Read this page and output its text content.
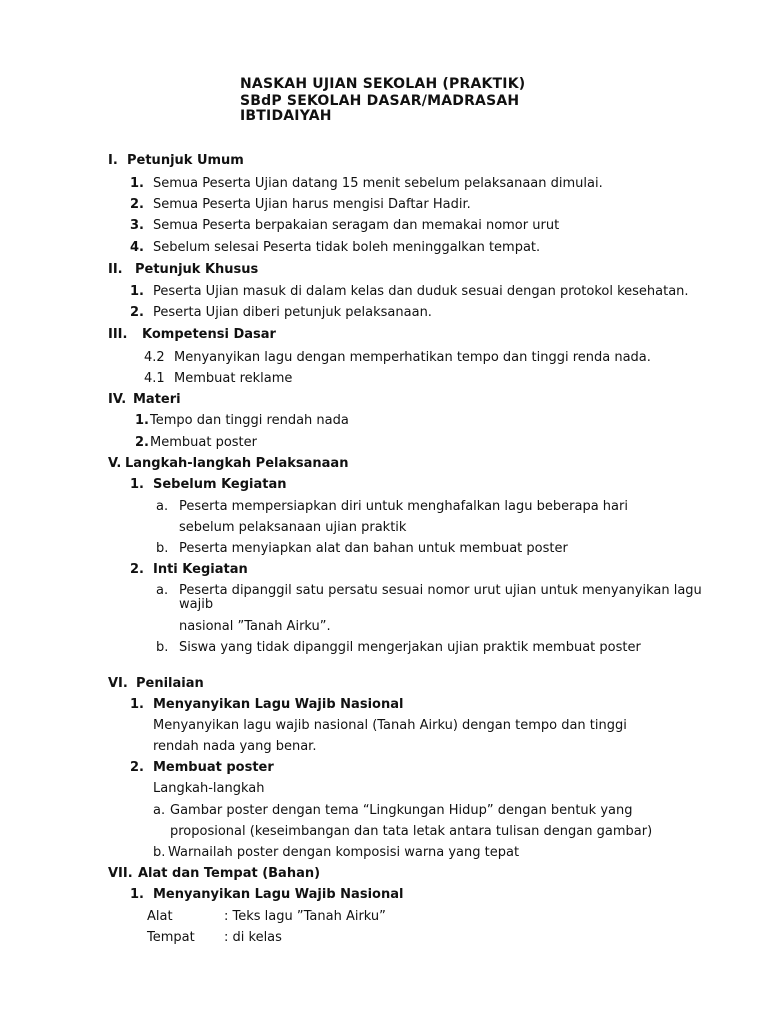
NASKAH UJIAN SEKOLAH (PRAKTIK)
SBdP SEKOLAH DASAR/MADRASAH
IBTIDAIYAH
I. Petunjuk Umum
1. Semua Peserta Ujian datang 15 menit sebelum pelaksanaan dimulai.
2. Semua Peserta Ujian harus mengisi Daftar Hadir.
3. Semua Peserta berpakaian seragam dan memakai nomor urut
4. Sebelum selesai Peserta tidak boleh meninggalkan tempat.
II. Petunjuk Khusus
1. Peserta Ujian masuk di dalam kelas dan duduk sesuai dengan protokol kesehatan.
2. Peserta Ujian diberi petunjuk pelaksanaan.
III. Kompetensi Dasar
4.2 Menyanyikan lagu dengan memperhatikan tempo dan tinggi renda nada.
4.1 Membuat reklame
IV. Materi
1. Tempo dan tinggi rendah nada
2. Membuat poster
V. Langkah-langkah Pelaksanaan
1. Sebelum Kegiatan
a. Peserta mempersiapkan diri untuk menghafalkan lagu beberapa hari
sebelum pelaksanaan ujian praktik
b. Peserta menyiapkan alat dan bahan untuk membuat poster
2. Inti Kegiatan
a. Peserta dipanggil satu persatu sesuai nomor urut ujian untuk menyanyikan lagu
wajib
nasional ”Tanah Airku”.
b. Siswa yang tidak dipanggil mengerjakan ujian praktik membuat poster
VI. Penilaian
1. Menyanyikan Lagu Wajib Nasional
Menyanyikan lagu wajib nasional (Tanah Airku) dengan tempo dan tinggi
rendah nada yang benar.
2. Membuat poster
Langkah-langkah
a. Gambar poster dengan tema “Lingkungan Hidup” dengan bentuk yang
proposional (keseimbangan dan tata letak antara tulisan dengan gambar)
b. Warnailah poster dengan komposisi warna yang tepat
VII. Alat dan Tempat (Bahan)
1. Menyanyikan Lagu Wajib Nasional
Alat	: Teks lagu ”Tanah Airku”
Tempat : di kelas
